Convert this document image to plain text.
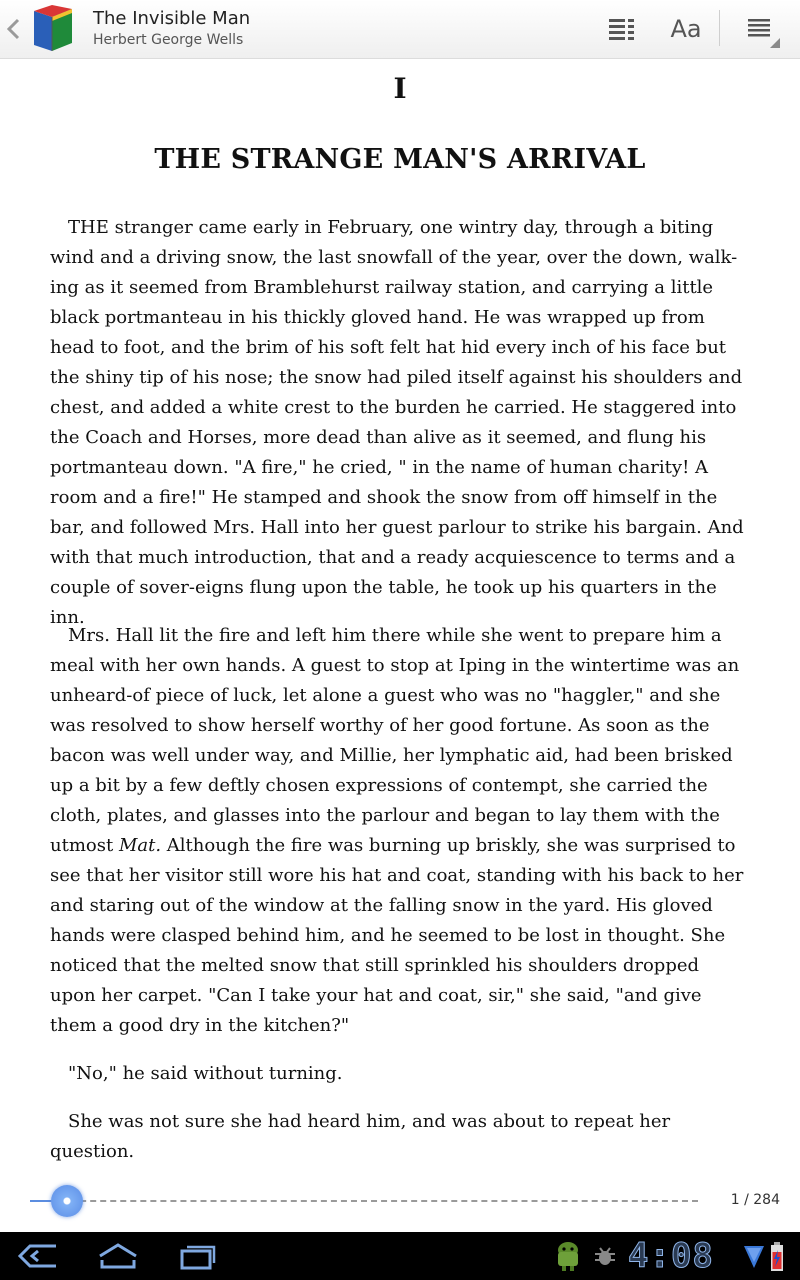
The Invisible Man
Herbert George Wells	Aa
I
THE STRANGE MAN'S ARRIVAL

THE stranger came early in February, one wintry day, through a biting wind and a driving snow, the last snowfall of the year, over the down, walk-ing as it seemed from Bramblehurst railway station, and carrying a little black portmanteau in his thickly gloved hand. He was wrapped up from head to foot, and the brim of his soft felt hat hid every inch of his face but the shiny tip of his nose; the snow had piled itself against his shoulders and chest, and added a white crest to the burden he carried. He staggered into the Coach and Horses, more dead than alive as it seemed, and flung his portmanteau down. "A fire," he cried, " in the name of human charity! A room and a fire!" He stamped and shook the snow from off himself in the bar, and followed Mrs. Hall into her guest parlour to strike his bargain. And with that much introduction, that and a ready acquiescence to terms and a couple of sover-eigns flung upon the table, he took up his quarters in the inn.

Mrs. Hall lit the fire and left him there while she went to prepare him a meal with her own hands. A guest to stop at Iping in the wintertime was an unheard-of piece of luck, let alone a guest who was no "haggler," and she was resolved to show herself worthy of her good fortune. As soon as the bacon was well under way, and Millie, her lymphatic aid, had been brisked up a bit by a few deftly chosen expressions of contempt, she carried the cloth, plates, and glasses into the parlour and began to lay them with the utmost Mat. Although the fire was burning up briskly, she was surprised to see that her visitor still wore his hat and coat, standing with his back to her and staring out of the window at the falling snow in the yard. His gloved hands were clasped behind him, and he seemed to be lost in thought. She noticed that the melted snow that still sprinkled his shoulders dropped upon her carpet. "Can I take your hat and coat, sir," she said, "and give them a good dry in the kitchen?"

"No," he said without turning.

She was not sure she had heard him, and was about to repeat her question.

1 / 284
4:08
